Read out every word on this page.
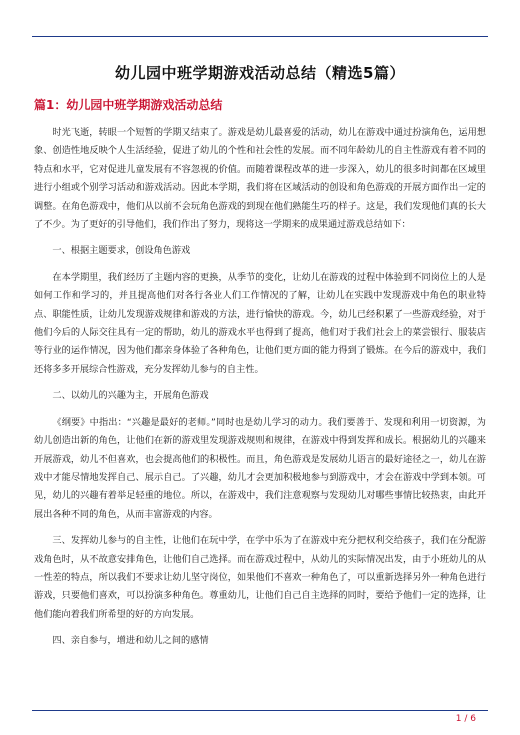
幼儿园中班学期游戏活动总结（精选5篇）
篇1：幼儿园中班学期游戏活动总结

时光飞逝，转眼一个短暂的学期又结束了。游戏是幼儿最喜爱的活动，幼儿在游戏中通过扮演角色，运用想象、创造性地反映个人生活经验，促进了幼儿的个性和社会性的发展。而不同年龄幼儿的自主性游戏有着不同的特点和水平，它对促进儿童发展有不容忽视的价值。而随着课程改革的进一步深入，幼儿的很多时间都在区域里进行小组或个别学习活动和游戏活动。因此本学期，我们将在区域活动的创设和角色游戏的开展方面作出一定的调整。在角色游戏中，他们从以前不会玩角色游戏的到现在他们熟能生巧的样子。这是，我们发现他们真的长大了不少。为了更好的引导他们，我们作出了努力，现将这一学期来的成果通过游戏总结如下：

一、根据主题要求，创设角色游戏

在本学期里，我们经历了主题内容的更换，从季节的变化，让幼儿在游戏的过程中体验到不同岗位上的人是如何工作和学习的，并且提高他们对各行各业人们工作情况的了解，让幼儿在实践中发现游戏中角色的职业特点、职能性质，让幼儿发现游戏规律和游戏的方法，进行愉快的游戏。今，幼儿已经积累了一些游戏经验，对于他们今后的人际交往具有一定的帮助，幼儿的游戏水平也得到了提高，他们对于我们社会上的菜尝银行、服装店等行业的运作情况，因为他们都亲身体验了各种角色，让他们更方面的能力得到了锻炼。在今后的游戏中，我们还将多多开展综合性游戏，充分发挥幼儿参与的自主性。

二、以幼儿的兴趣为主，开展角色游戏

《纲要》中指出：“兴趣是最好的老师。”同时也是幼儿学习的动力。我们要善于、发现和利用一切资源，为幼儿创造出新的角色，让他们在新的游戏里发现游戏规则和规律，在游戏中得到发挥和成长。根据幼儿的兴趣来开展游戏，幼儿不但喜欢，也会提高他们的积极性。而且，角色游戏是发展幼儿语言的最好途径之一，幼儿在游戏中才能尽情地发挥自己、展示自己。了兴趣，幼儿才会更加积极地参与到游戏中，才会在游戏中学到本领。可见，幼儿的兴趣有着举足轻重的地位。所以，在游戏中，我们注意观察与发现幼儿对哪些事情比较热衷，由此开展出各种不同的角色，从而丰富游戏的内容。

三、发挥幼儿参与的自主性，让他们在玩中学，在学中乐为了在游戏中充分把权利交给孩子，我们在分配游戏角色时，从不故意安排角色，让他们自己选择。而在游戏过程中，从幼儿的实际情况出发，由于小班幼儿的从一性差的特点，所以我们不要求让幼儿坚守岗位，如果他们不喜欢一种角色了，可以重新选择另外一种角色进行游戏，只要他们喜欢，可以扮演多种角色。尊重幼儿，让他们自己自主选择的同时，要给予他们一定的选择，让他们能向着我们所希望的好的方向发展。

四、亲自参与，增进和幼儿之间的感情

1 / 6
